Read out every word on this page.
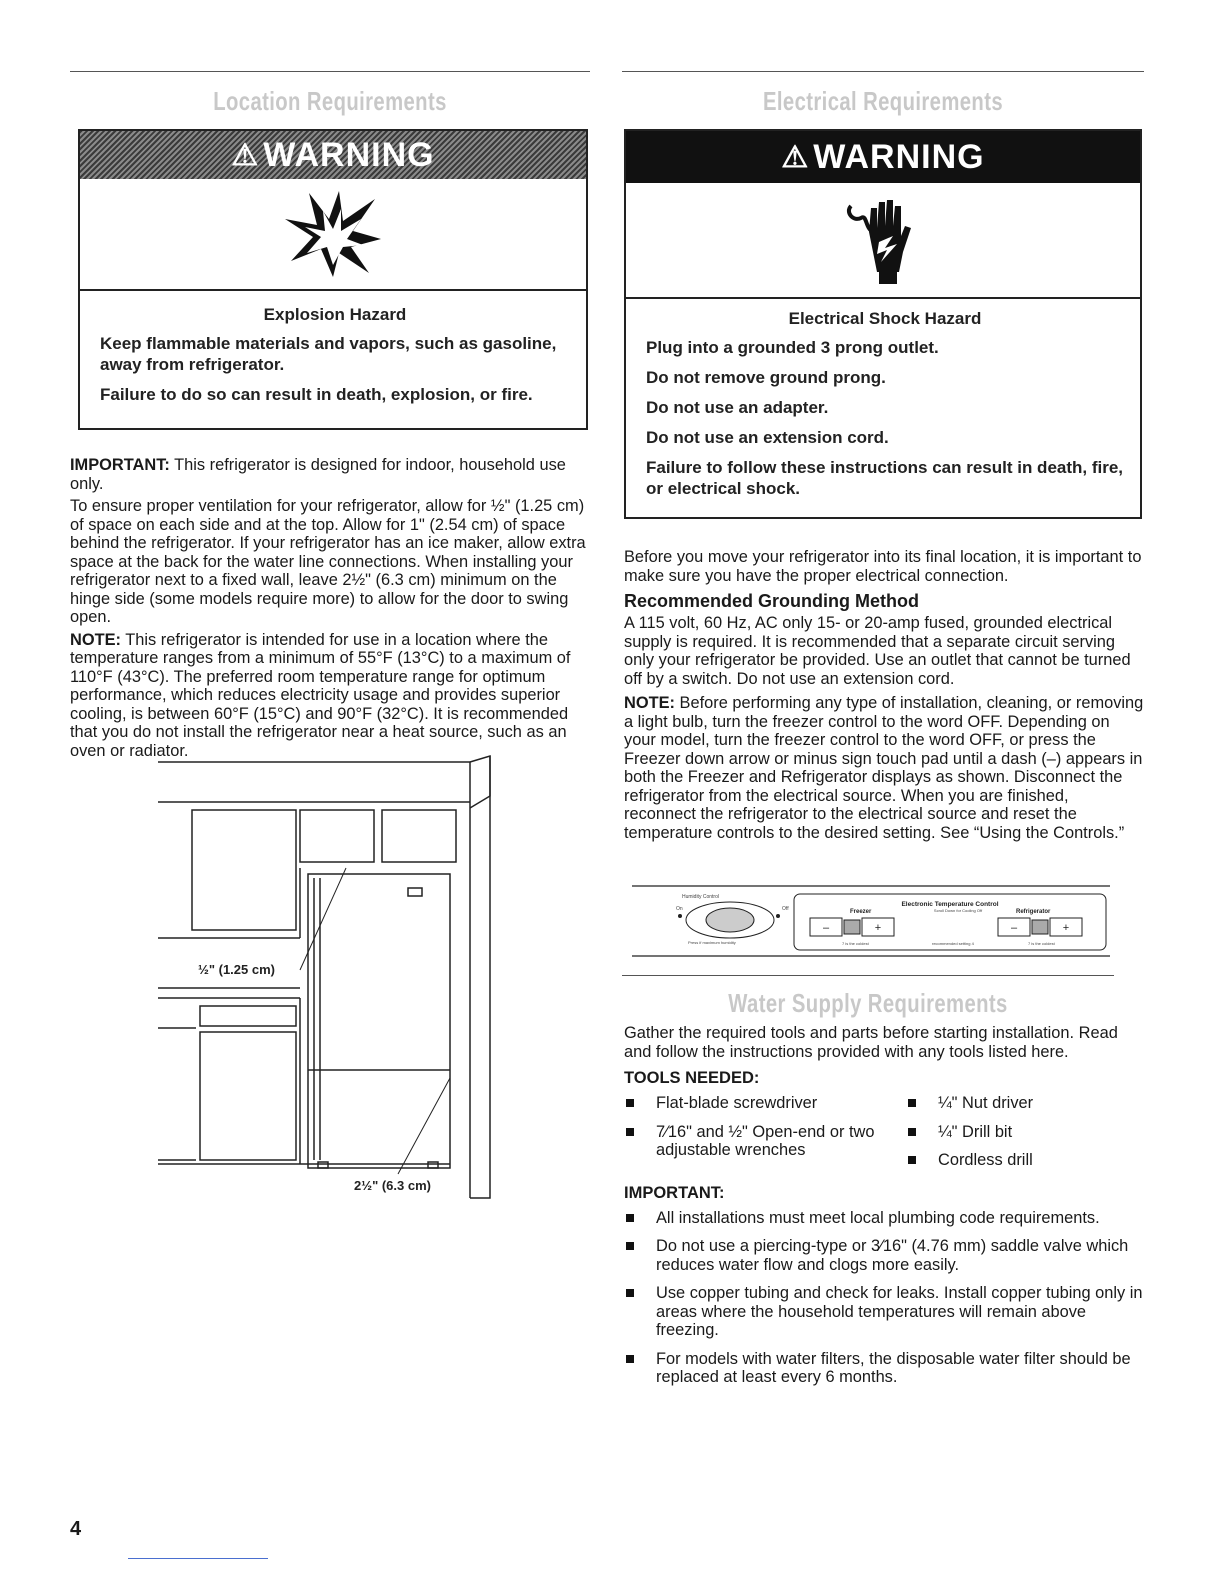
Location Requirements
⚠ WARNING
Explosion Hazard
Keep flammable materials and vapors, such as gasoline, away from refrigerator.
Failure to do so can result in death, explosion, or fire.

IMPORTANT: This refrigerator is designed for indoor, household use only.

To ensure proper ventilation for your refrigerator, allow for ½" (1.25 cm) of space on each side and at the top. Allow for 1" (2.54 cm) of space behind the refrigerator. If your refrigerator has an ice maker, allow extra space at the back for the water line connections. When installing your refrigerator next to a fixed wall, leave 2½" (6.3 cm) minimum on the hinge side (some models require more) to allow for the door to swing open.

NOTE: This refrigerator is intended for use in a location where the temperature ranges from a minimum of 55°F (13°C) to a maximum of 110°F (43°C). The preferred room temperature range for optimum performance, which reduces electricity usage and provides superior cooling, is between 60°F (15°C) and 90°F (32°C). It is recommended that you do not install the refrigerator near a heat source, such as an oven or radiator.

½" (1.25 cm)
2½" (6.3 cm)
Electrical Requirements
⚠ WARNING
Electrical Shock Hazard
Plug into a grounded 3 prong outlet.
Do not remove ground prong.
Do not use an adapter.
Do not use an extension cord.
Failure to follow these instructions can result in death, fire, or electrical shock.

Before you move your refrigerator into its final location, it is important to make sure you have the proper electrical connection.

Recommended Grounding Method

A 115 volt, 60 Hz, AC only 15- or 20-amp fused, grounded electrical supply is required. It is recommended that a separate circuit serving only your refrigerator be provided. Use an outlet that cannot be turned off by a switch. Do not use an extension cord.

NOTE: Before performing any type of installation, cleaning, or removing a light bulb, turn the freezer control to the word OFF. Depending on your model, turn the freezer control to the word OFF, or press the Freezer down arrow or minus sign touch pad until a dash (–) appears in both the Freezer and Refrigerator displays as shown. Disconnect the refrigerator from the electrical source. When you are finished, reconnect the refrigerator to the electrical source and reset the temperature controls to the desired setting. See “Using the Controls.”

Humidity Control
On	Off
Press if maximum humidity
Electronic Temperature Control
Freezer	Scroll Down for Cooling Off	Refrigerator
–	+	–	+
7 is the coldest	recommended setting 4	7 is the coldest
Water Supply Requirements

Gather the required tools and parts before starting installation. Read and follow the instructions provided with any tools listed here.

TOOLS NEEDED:
Flat-blade screwdriver
7⁄16" and ½" Open-end or two adjustable wrenches
¼" Nut driver
¼" Drill bit
Cordless drill
IMPORTANT:
All installations must meet local plumbing code requirements.
Do not use a piercing-type or 3⁄16" (4.76 mm) saddle valve which reduces water flow and clogs more easily.
Use copper tubing and check for leaks. Install copper tubing only in areas where the household temperatures will remain above freezing.
For models with water filters, the disposable water filter should be replaced at least every 6 months.
4
